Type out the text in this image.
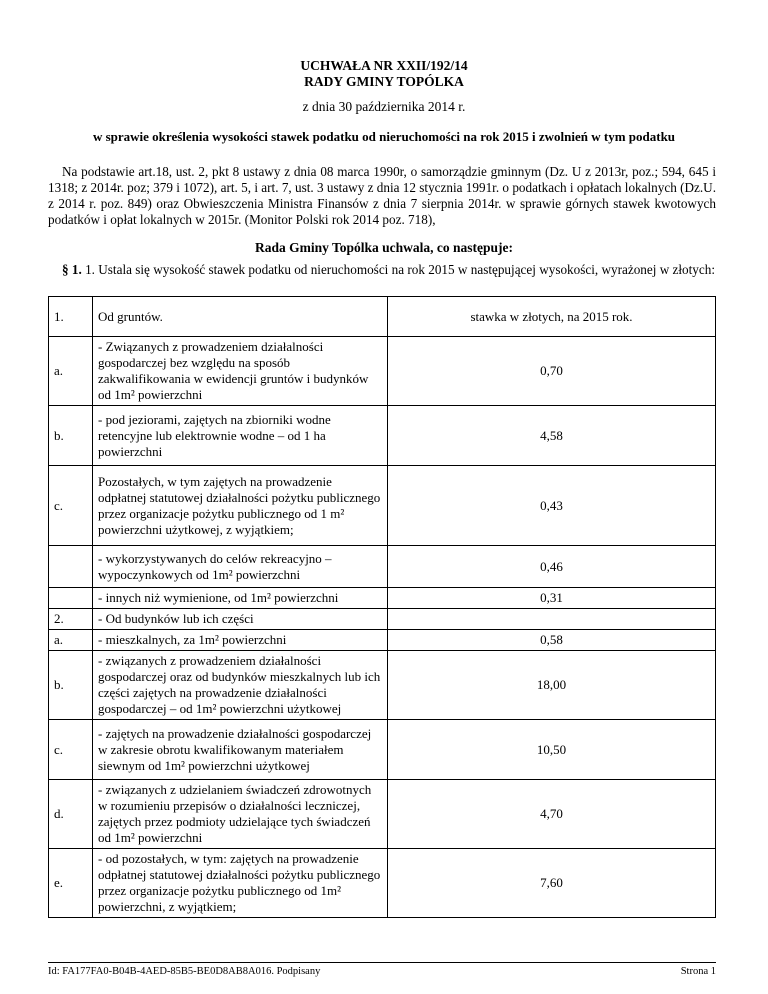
UCHWAŁA NR XXII/192/14
RADY GMINY TOPÓLKA
z dnia 30 października 2014 r.
w sprawie określenia wysokości stawek podatku od nieruchomości na rok 2015 i zwolnień w tym podatku
Na podstawie art.18, ust. 2, pkt 8 ustawy z dnia 08 marca 1990r, o samorządzie gminnym (Dz. U z 2013r, poz.; 594, 645 i 1318; z 2014r. poz; 379 i 1072), art. 5, i art. 7, ust. 3 ustawy z dnia 12 stycznia 1991r. o podatkach i opłatach lokalnych (Dz.U. z 2014 r. poz. 849) oraz Obwieszczenia Ministra Finansów z dnia 7 sierpnia 2014r. w sprawie górnych stawek kwotowych podatków i opłat lokalnych w 2015r. (Monitor Polski rok 2014 poz. 718),
Rada Gminy Topólka uchwala, co następuje:
§ 1. 1. Ustala się wysokość stawek podatku od nieruchomości na rok 2015 w następującej wysokości, wyrażonej w złotych:
1.	Od gruntów.	stawka w złotych, na 2015 rok.
a.	- Związanych z prowadzeniem działalności gospodarczej bez względu na sposób zakwalifikowania w ewidencji gruntów i budynków od 1m² powierzchni	0,70
b.	- pod jeziorami, zajętych na zbiorniki wodne retencyjne lub elektrownie wodne – od 1 ha powierzchni	4,58
c.	Pozostałych, w tym zajętych na prowadzenie odpłatnej statutowej działalności pożytku publicznego przez organizacje pożytku publicznego od 1 m² powierzchni użytkowej, z wyjątkiem;	0,43
	- wykorzystywanych do celów rekreacyjno – wypoczynkowych od 1m² powierzchni	0,46
	- innych niż wymienione, od 1m² powierzchni	0,31
2.	- Od budynków lub ich części	
a.	- mieszkalnych, za 1m² powierzchni	0,58
b.	- związanych z prowadzeniem działalności gospodarczej oraz od budynków mieszkalnych lub ich części zajętych na prowadzenie działalności gospodarczej – od 1m² powierzchni użytkowej	18,00
c.	- zajętych na prowadzenie działalności gospodarczej w zakresie obrotu kwalifikowanym materiałem siewnym od 1m² powierzchni użytkowej	10,50
d.	- związanych z udzielaniem świadczeń zdrowotnych w rozumieniu przepisów o działalności leczniczej, zajętych przez podmioty udzielające tych świadczeń od 1m² powierzchni	4,70
e.	- od pozostałych, w tym: zajętych na prowadzenie odpłatnej statutowej działalności pożytku publicznego przez organizacje pożytku publicznego od 1m² powierzchni, z wyjątkiem;	7,60
Id: FA177FA0-B04B-4AED-85B5-BE0D8AB8A016. Podpisany	Strona 1
